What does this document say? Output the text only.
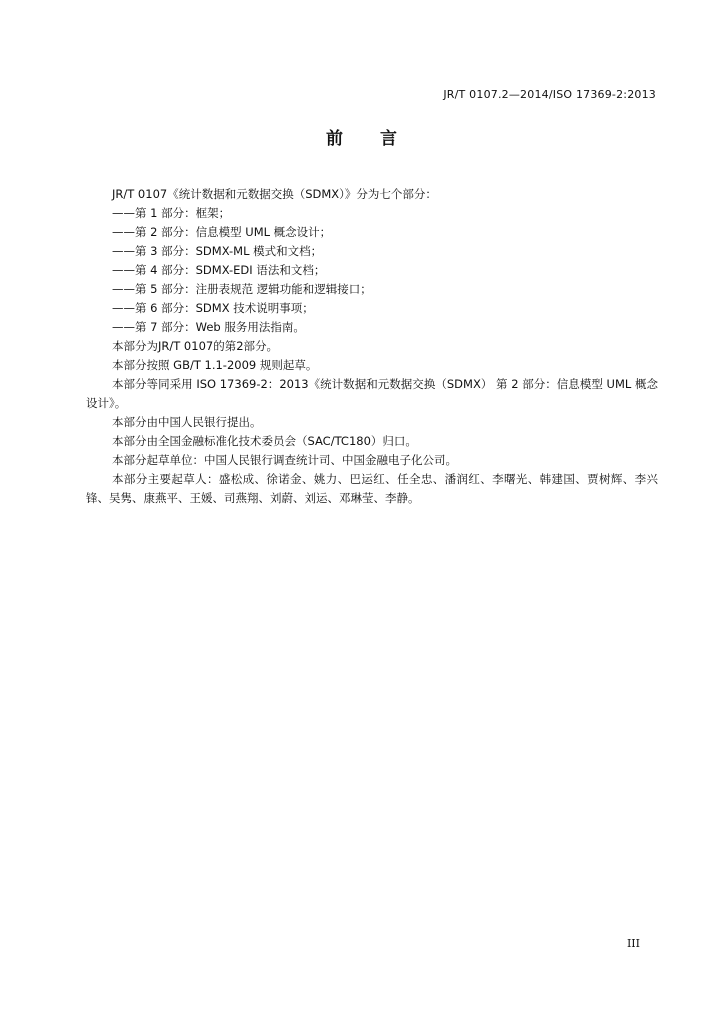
JR/T 0107.2—2014/ISO 17369-2:2013
前 言

JR/T 0107《统计数据和元数据交换（SDMX）》分为七个部分：

——第 1 部分：框架；

——第 2 部分：信息模型 UML 概念设计；

——第 3 部分：SDMX-ML 模式和文档；

——第 4 部分：SDMX-EDI 语法和文档；

——第 5 部分：注册表规范 逻辑功能和逻辑接口；

——第 6 部分：SDMX 技术说明事项；

——第 7 部分：Web 服务用法指南。

本部分为JR/T 0107的第2部分。

本部分按照 GB/T 1.1-2009 规则起草。

本部分等同采用 ISO 17369-2：2013《统计数据和元数据交换（SDMX） 第 2 部分：信息模型 UML 概念设计》。

本部分由中国人民银行提出。

本部分由全国金融标准化技术委员会（SAC/TC180）归口。

本部分起草单位：中国人民银行调查统计司、中国金融电子化公司。

本部分主要起草人：盛松成、徐诺金、姚力、巴运红、任全忠、潘润红、李曙光、韩建国、贾树辉、李兴锋、吴隽、康燕平、王媛、司燕翔、刘蔚、刘运、邓琳莹、李静。

III
